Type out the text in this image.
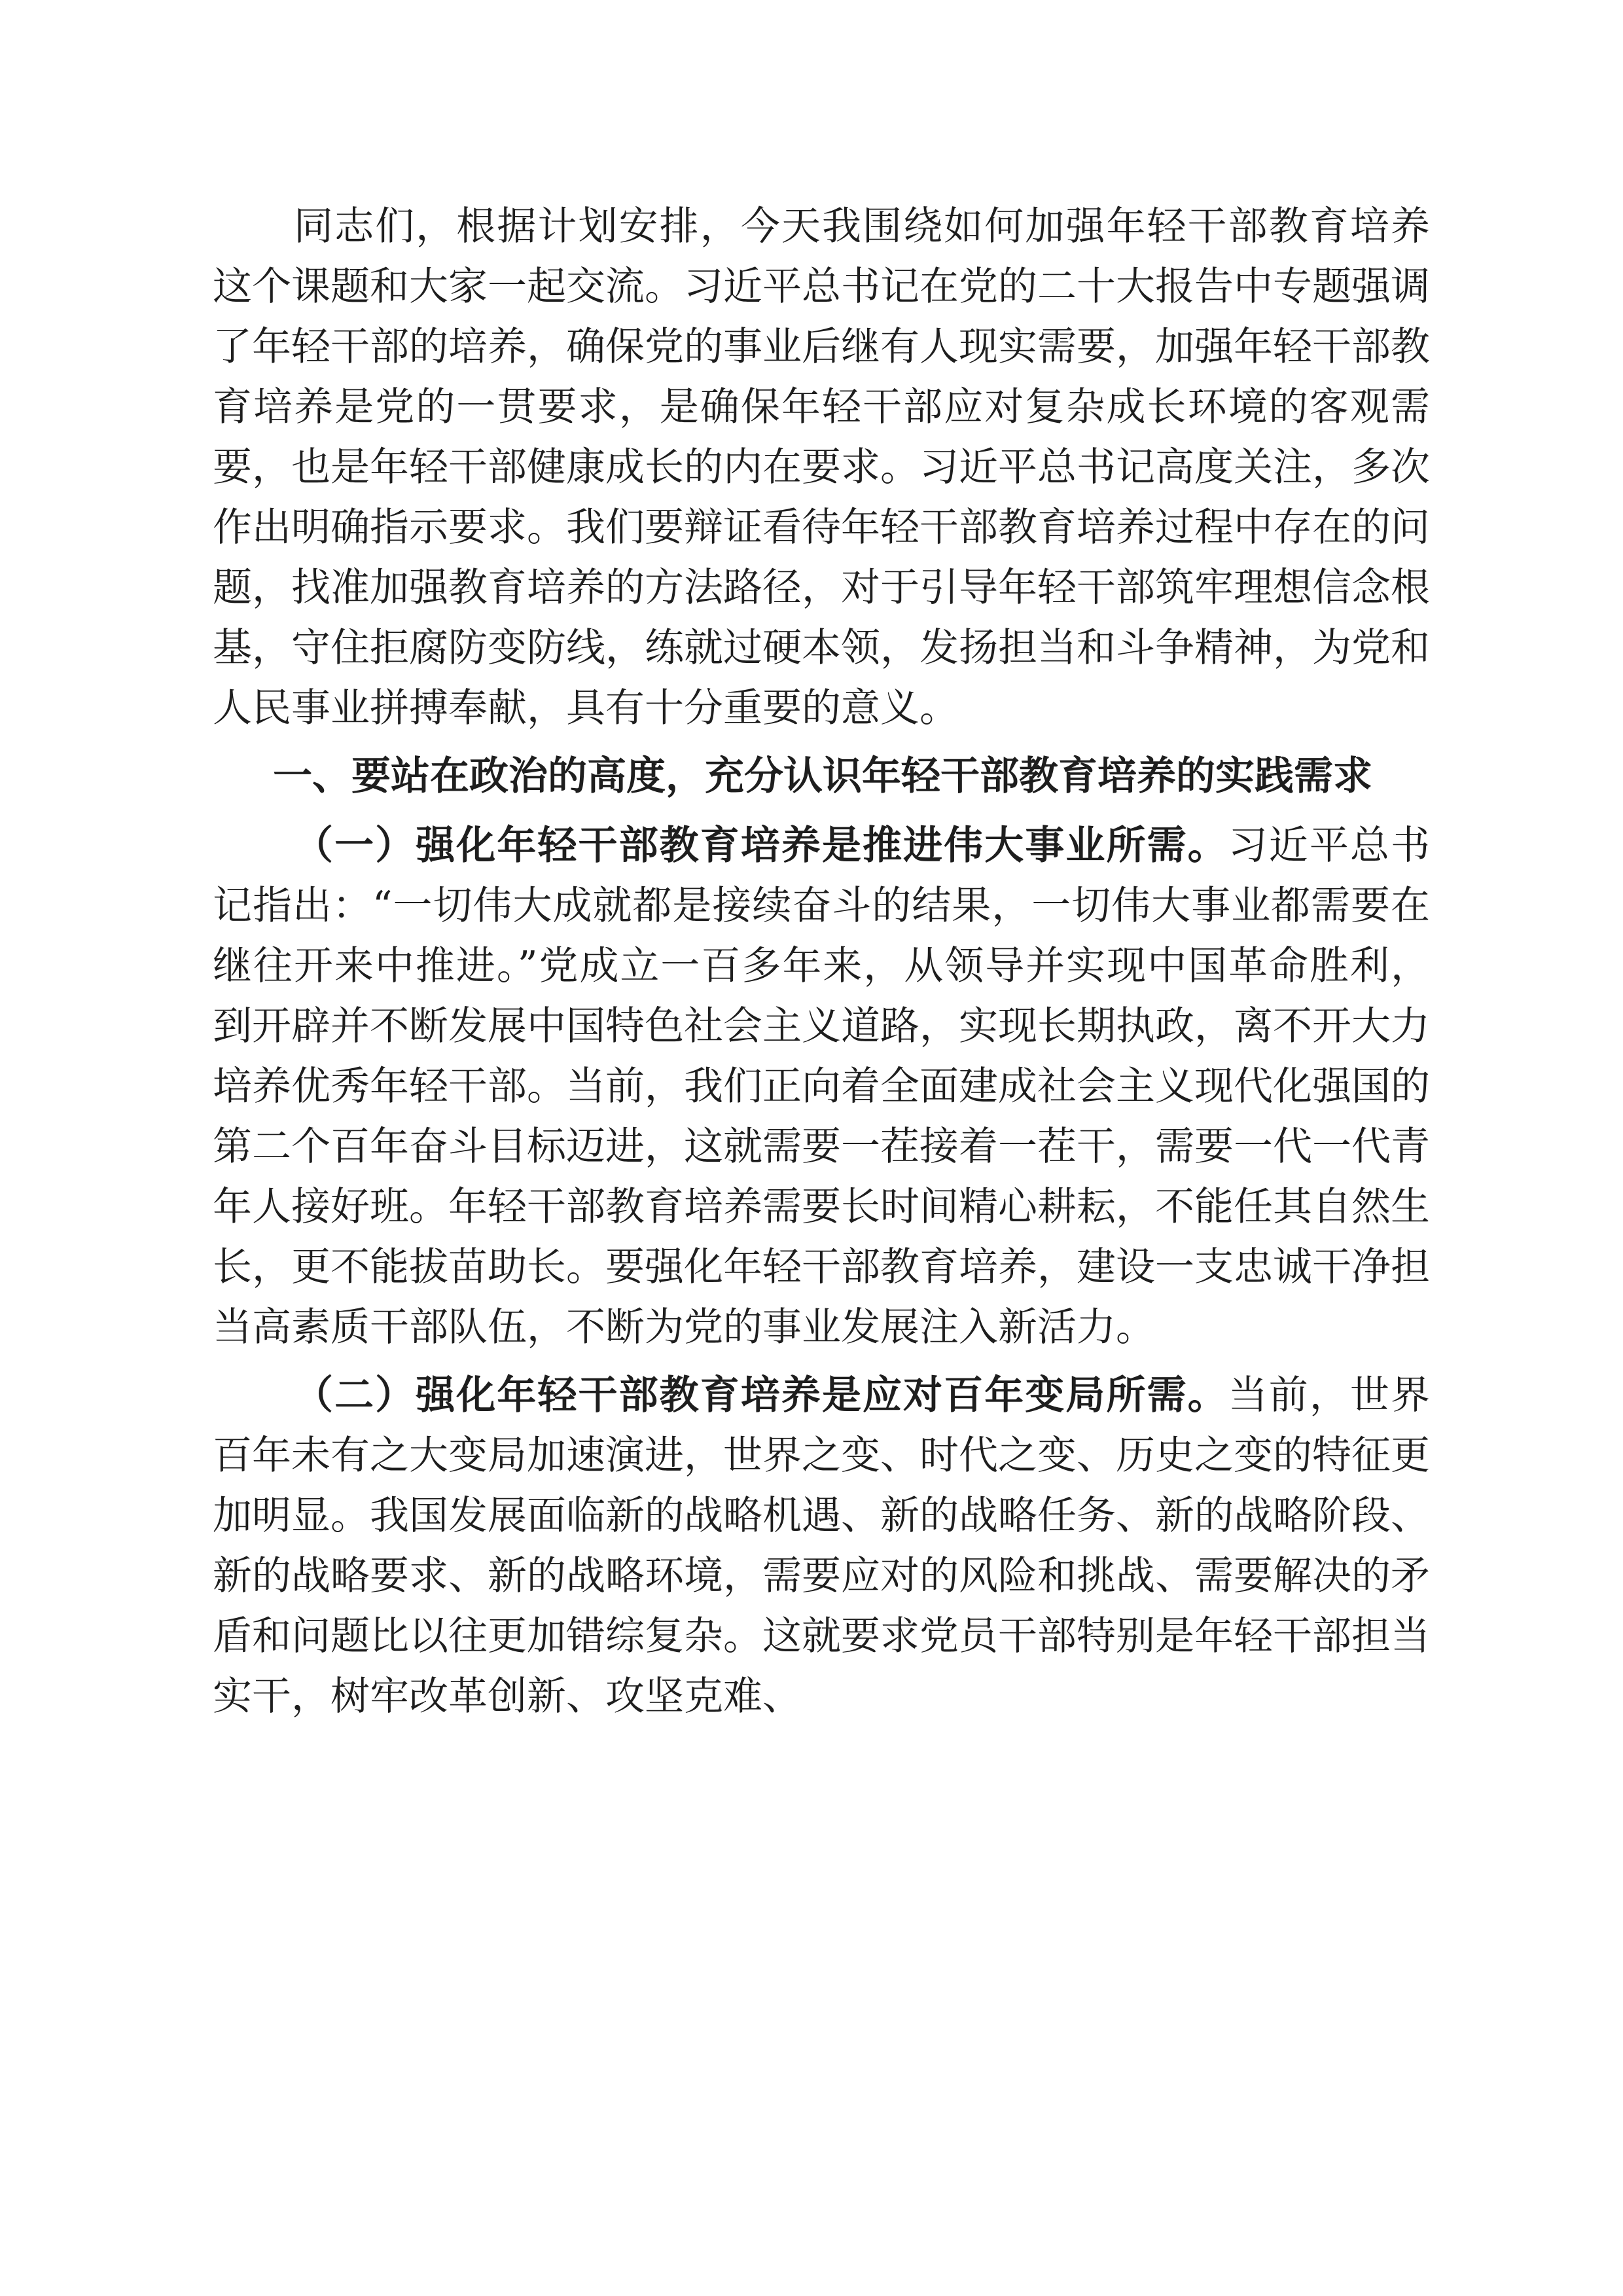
同志们，根据计划安排，今天我围绕如何加强年轻干部教育培养这个课题和大家一起交流。习近平总书记在党的二十大报告中专题强调了年轻干部的培养，确保党的事业后继有人现实需要，加强年轻干部教育培养是党的一贯要求，是确保年轻干部应对复杂成长环境的客观需要，也是年轻干部健康成长的内在要求。习近平总书记高度关注，多次作出明确指示要求。我们要辩证看待年轻干部教育培养过程中存在的问题，找准加强教育培养的方法路径，对于引导年轻干部筑牢理想信念根基，守住拒腐防变防线，练就过硬本领，发扬担当和斗争精神，为党和人民事业拼搏奉献，具有十分重要的意义。

一、要站在政治的高度，充分认识年轻干部教育培养的实践需求

（一）强化年轻干部教育培养是推进伟大事业所需。习近平总书记指出：“一切伟大成就都是接续奋斗的结果，一切伟大事业都需要在继往开来中推进。”党成立一百多年来，从领导并实现中国革命胜利，到开辟并不断发展中国特色社会主义道路，实现长期执政，离不开大力培养优秀年轻干部。当前，我们正向着全面建成社会主义现代化强国的第二个百年奋斗目标迈进，这就需要一茬接着一茬干，需要一代一代青年人接好班。年轻干部教育培养需要长时间精心耕耘，不能任其自然生长，更不能拔苗助长。要强化年轻干部教育培养，建设一支忠诚干净担当高素质干部队伍，不断为党的事业发展注入新活力。

（二）强化年轻干部教育培养是应对百年变局所需。当前，世界百年未有之大变局加速演进，世界之变、时代之变、历史之变的特征更加明显。我国发展面临新的战略机遇、新的战略任务、新的战略阶段、新的战略要求、新的战略环境，需要应对的风险和挑战、需要解决的矛盾和问题比以往更加错综复杂。这就要求党员干部特别是年轻干部担当实干，树牢改革创新、攻坚克难、
